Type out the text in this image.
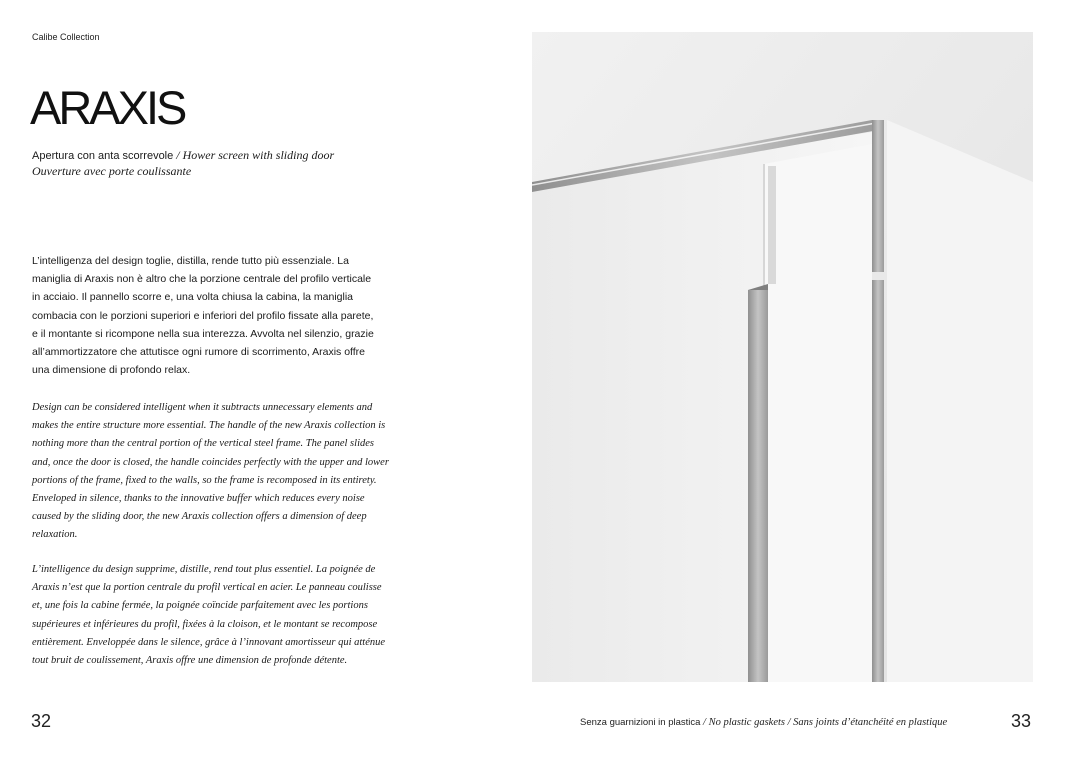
Calibe Collection
ARAXIS
Apertura con anta scorrevole / Hower screen with sliding door
Ouverture avec porte coulissante
L’intelligenza del design toglie, distilla, rende tutto più essenziale. La maniglia di Araxis non è altro che la porzione centrale del profilo verticale in acciaio. Il pannello scorre e, una volta chiusa la cabina, la maniglia combacia con le porzioni superiori e inferiori del profilo fissate alla parete, e il montante si ricompone nella sua interezza. Avvolta nel silenzio, grazie all’ammortizzatore che attutisce ogni rumore di scorrimento, Araxis offre una dimensione di profondo relax.
Design can be considered intelligent when it subtracts unnecessary elements and makes the entire structure more essential. The handle of the new Araxis collection is nothing more than the central portion of the vertical steel frame. The panel slides and, once the door is closed, the handle coincides perfectly with the upper and lower portions of the frame, fixed to the walls, so the frame is recomposed in its entirety. Enveloped in silence, thanks to the innovative buffer which reduces every noise caused by the sliding door, the new Araxis collection offers a dimension of deep relaxation.
L’intelligence du design supprime, distille, rend tout plus essentiel. La poignée de Araxis n’est que la portion centrale du profil vertical en acier. Le panneau coulisse et, une fois la cabine fermée, la poignée coïncide parfaitement avec les portions supérieures et inférieures du profil, fixées à la cloison, et le montant se recompose entièrement. Enveloppée dans le silence, grâce à l’innovant amortisseur qui atténue tout bruit de coulissement, Araxis offre une dimension de profonde détente.
32	Senza guarnizioni in plastica / No plastic gaskets / Sans joints d’étanchéité en plastique	33
